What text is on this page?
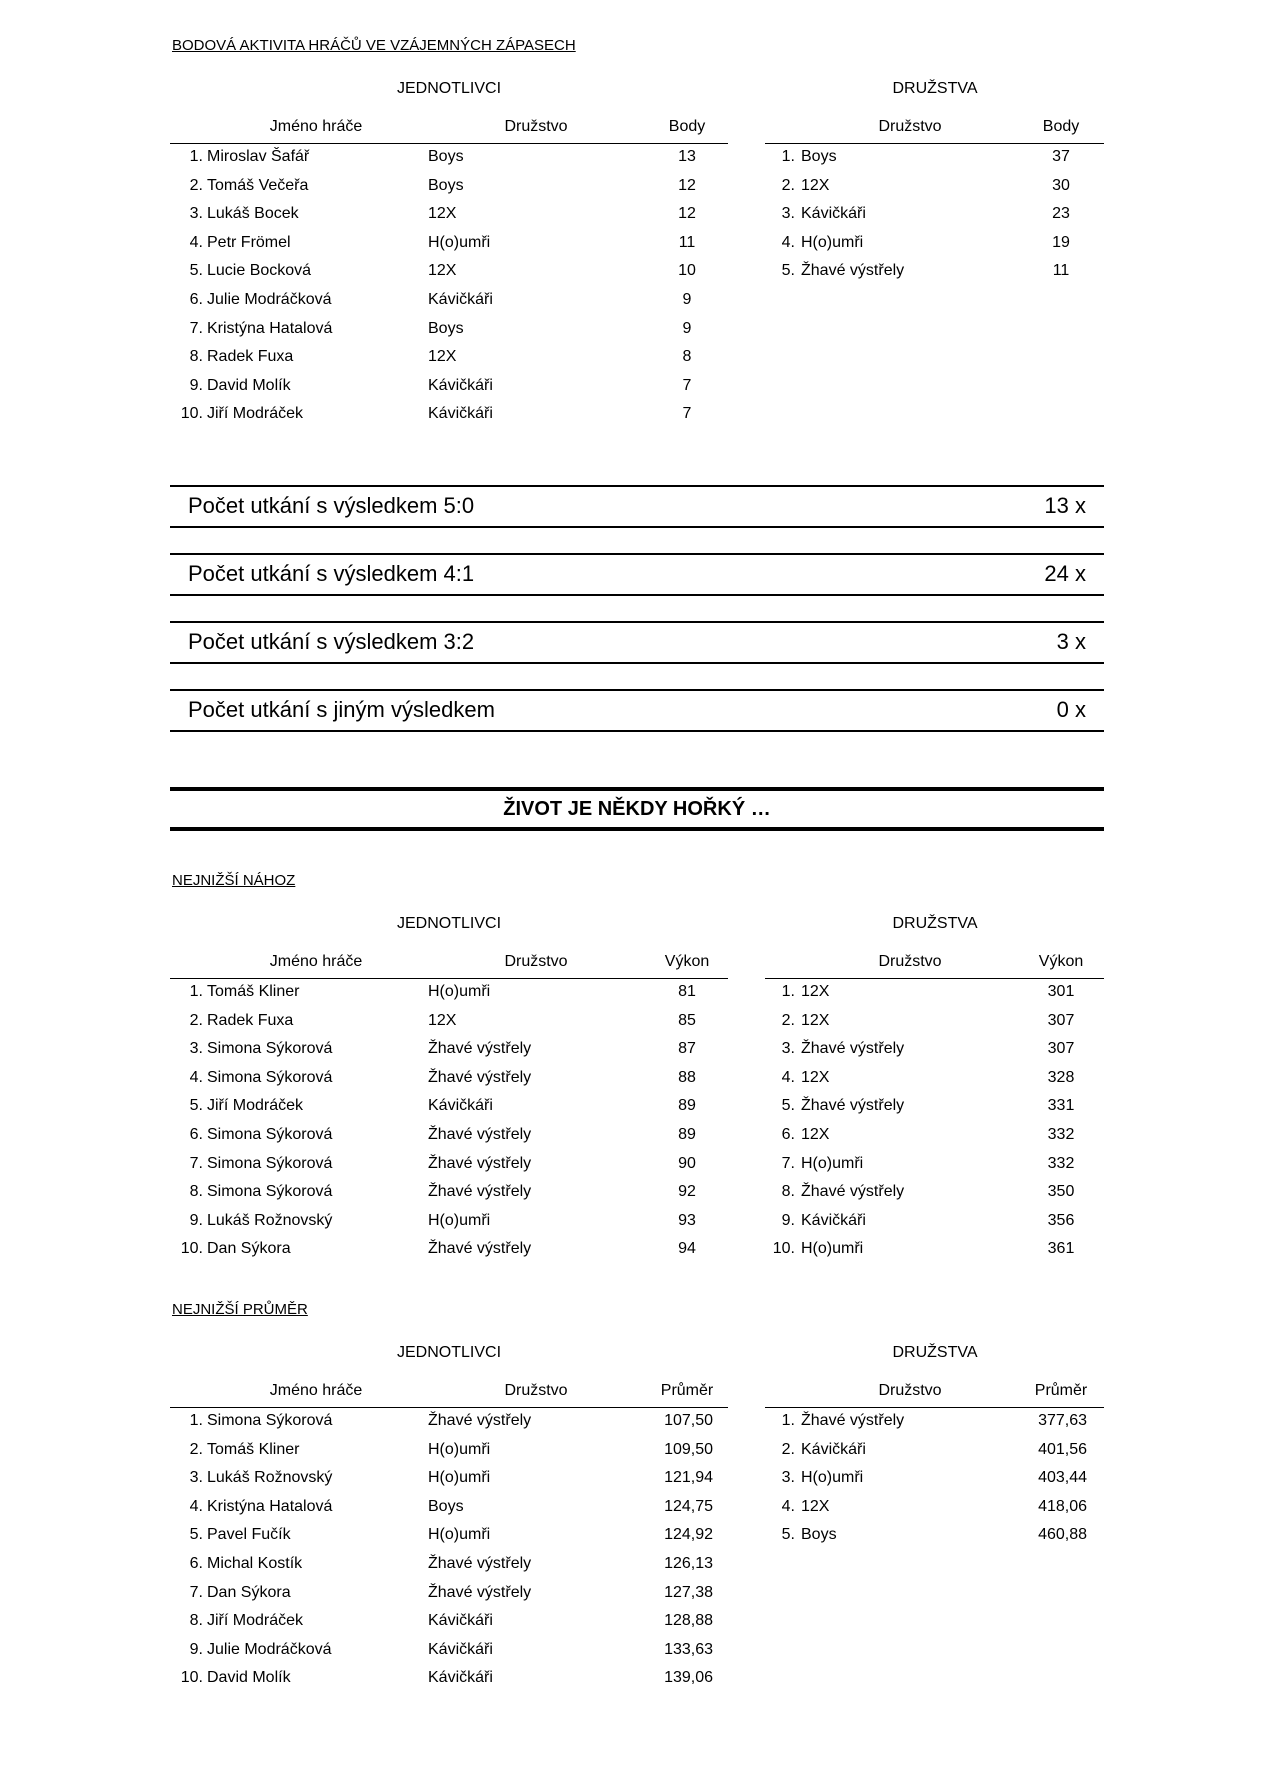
BODOVÁ AKTIVITA HRÁČŮ VE VZÁJEMNÝCH ZÁPASECH
JEDNOTLIVCI	DRUŽSTVA
Jméno hráče	Družstvo	Body
1. Miroslav Šafář	Boys	13
2. Tomáš Večeřa	Boys	12
3. Lukáš Bocek	12X	12
4. Petr Frömel	H(o)umři	11
5. Lucie Bocková	12X	10
6. Julie Modráčková	Kávičkáři	9
7. Kristýna Hatalová	Boys	9
8. Radek Fuxa	12X	8
9. David Molík	Kávičkáři	7
10. Jiří Modráček	Kávičkáři	7
Družstvo	Body
1. Boys	37
2. 12X	30
3. Kávičkáři	23
4. H(o)umři	19
5. Žhavé výstřely	11
Počet utkání s výsledkem 5:0	13 x
Počet utkání s výsledkem 4:1	24 x
Počet utkání s výsledkem 3:2	3 x
Počet utkání s jiným výsledkem	0 x
ŽIVOT JE NĚKDY HOŘKÝ …
NEJNIŽŠÍ NÁHOZ
JEDNOTLIVCI	DRUŽSTVA
Jméno hráče	Družstvo	Výkon
1. Tomáš Kliner	H(o)umři	81
2. Radek Fuxa	12X	85
3. Simona Sýkorová	Žhavé výstřely	87
4. Simona Sýkorová	Žhavé výstřely	88
5. Jiří Modráček	Kávičkáři	89
6. Simona Sýkorová	Žhavé výstřely	89
7. Simona Sýkorová	Žhavé výstřely	90
8. Simona Sýkorová	Žhavé výstřely	92
9. Lukáš Rožnovský	H(o)umři	93
10. Dan Sýkora	Žhavé výstřely	94
Družstvo	Výkon
1. 12X	301
2. 12X	307
3. Žhavé výstřely	307
4. 12X	328
5. Žhavé výstřely	331
6. 12X	332
7. H(o)umři	332
8. Žhavé výstřely	350
9. Kávičkáři	356
10. H(o)umři	361
NEJNIŽŠÍ PRŮMĚR
JEDNOTLIVCI	DRUŽSTVA
Jméno hráče	Družstvo	Průměr
1. Simona Sýkorová	Žhavé výstřely	107,50
2. Tomáš Kliner	H(o)umři	109,50
3. Lukáš Rožnovský	H(o)umři	121,94
4. Kristýna Hatalová	Boys	124,75
5. Pavel Fučík	H(o)umři	124,92
6. Michal Kostík	Žhavé výstřely	126,13
7. Dan Sýkora	Žhavé výstřely	127,38
8. Jiří Modráček	Kávičkáři	128,88
9. Julie Modráčková	Kávičkáři	133,63
10. David Molík	Kávičkáři	139,06
Družstvo	Průměr
1. Žhavé výstřely	377,63
2. Kávičkáři	401,56
3. H(o)umři	403,44
4. 12X	418,06
5. Boys	460,88
